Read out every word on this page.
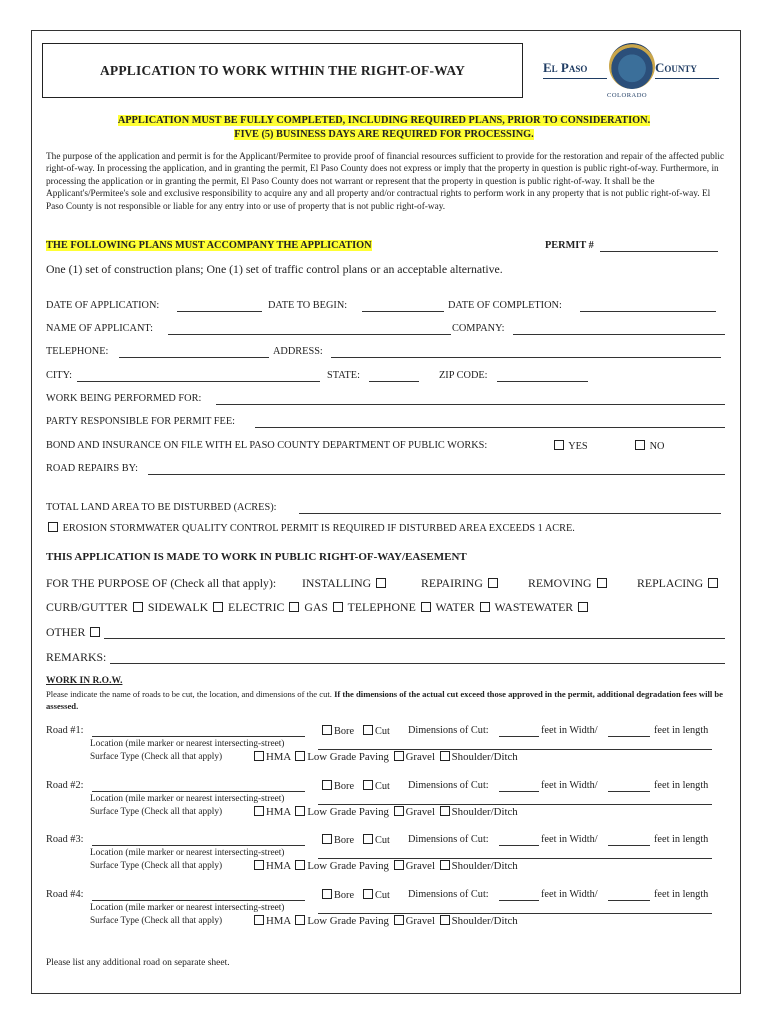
APPLICATION TO WORK WITHIN THE RIGHT-OF-WAY	El Paso	County
COLORADO
APPLICATION MUST BE FULLY COMPLETED, INCLUDING REQUIRED PLANS, PRIOR TO CONSIDERATION.
FIVE (5) BUSINESS DAYS ARE REQUIRED FOR PROCESSING.
The purpose of the application and permit is for the Applicant/Permitee to provide proof of financial resources sufficient to provide for the restoration and repair of the affected public right-of-way. In processing the application, and in granting the permit, El Paso County does not express or imply that the property in question is public right-of-way. Furthermore, in processing the application or in granting the permit, El Paso County does not warrant or represent that the property in question is public right-of-way. It shall be the Applicant's/Permitee's sole and exclusive responsibility to acquire any and all property and/or contractual rights to perform work in any property that is not public right-of-way. El Paso County is not responsible or liable for any entry into or use of property that is not public right-of-way.
THE FOLLOWING PLANS MUST ACCOMPANY THE APPLICATION	PERMIT #
One (1) set of construction plans; One (1) set of traffic control plans or an acceptable alternative.
DATE OF APPLICATION:	DATE TO BEGIN:	DATE OF COMPLETION:
NAME OF APPLICANT:	COMPANY:
TELEPHONE:	ADDRESS:
CITY:	STATE:	ZIP CODE:
WORK BEING PERFORMED FOR:
PARTY RESPONSIBLE FOR PERMIT FEE:
BOND AND INSURANCE ON FILE WITH EL PASO COUNTY DEPARTMENT OF PUBLIC WORKS:	YES	NO
ROAD REPAIRS BY:
TOTAL LAND AREA TO BE DISTURBED (ACRES):
EROSION STORMWATER QUALITY CONTROL PERMIT IS REQUIRED IF DISTURBED AREA EXCEEDS 1 ACRE.
THIS APPLICATION IS MADE TO WORK IN PUBLIC RIGHT-OF-WAY/EASEMENT
FOR THE PURPOSE OF (Check all that apply): INSTALLING	REPAIRING	REMOVING	REPLACING
CURB/GUTTER SIDEWALK ELECTRIC GAS TELEPHONE WATER WASTEWATER
OTHER
REMARKS:
WORK IN R.O.W.
Please indicate the name of roads to be cut, the location, and dimensions of the cut. If the dimensions of the actual cut exceed those approved in the permit, additional degradation fees will be assessed.
Road #1:	Bore	Cut Dimensions of Cut:	feet in Width/	feet in length
Location (mile marker or nearest intersecting-street)
Surface Type (Check all that apply)	HMA Low Grade Paving Gravel Shoulder/Ditch
Road #2:	Bore	Cut Dimensions of Cut:	feet in Width/	feet in length
Location (mile marker or nearest intersecting-street)
Surface Type (Check all that apply)	HMA Low Grade Paving Gravel Shoulder/Ditch
Road #3:	Bore	Cut Dimensions of Cut:	feet in Width/	feet in length
Location (mile marker or nearest intersecting-street)
Surface Type (Check all that apply)	HMA Low Grade Paving Gravel Shoulder/Ditch
Road #4:	Bore	Cut Dimensions of Cut:	feet in Width/	feet in length
Location (mile marker or nearest intersecting-street)
Surface Type (Check all that apply)	HMA Low Grade Paving Gravel Shoulder/Ditch
Please list any additional road on separate sheet.
